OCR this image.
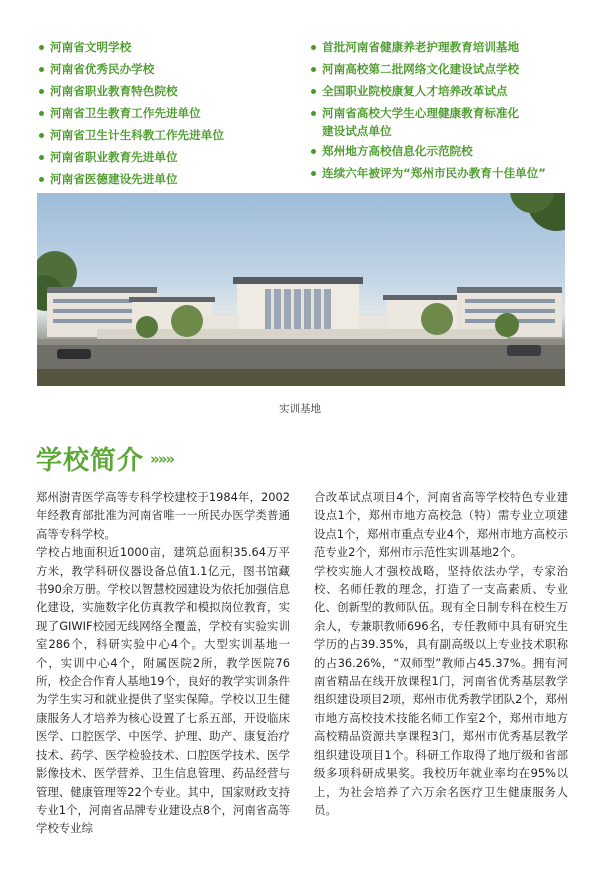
河南省文明学校
河南省优秀民办学校
河南省职业教育特色院校
河南省卫生教育工作先进单位
河南省卫生计生科教工作先进单位
河南省职业教育先进单位
河南省医德建设先进单位
首批河南省健康养老护理教育培训基地
河南高校第二批网络文化建设试点学校
全国职业院校康复人才培养改革试点
河南省高校大学生心理健康教育标准化
建设试点单位
郑州地方高校信息化示范院校
连续六年被评为“郑州市民办教育十佳单位”
实训基地
学校简介 »»»

郑州澍青医学高等专科学校建校于1984年，2002年经教育部批准为河南省唯一一所民办医学类普通高等专科学校。

学校占地面积近1000亩，建筑总面积35.64万平方米，教学科研仪器设备总值1.1亿元，图书馆藏书90余万册。学校以智慧校园建设为依托加强信息化建设，实施数字化仿真教学和模拟岗位教育，实现了GIWIF校园无线网络全覆盖，学校有实验实训室286个，科研实验中心4个。大型实训基地一个，实训中心4个，附属医院2所，教学医院76所，校企合作育人基地19个，良好的教学实训条件为学生实习和就业提供了坚实保障。学校以卫生健康服务人才培养为核心设置了七系五部，开设临床医学、口腔医学、中医学、护理、助产、康复治疗技术、药学、医学检验技术、口腔医学技术、医学影像技术、医学营养、卫生信息管理、药品经营与管理、健康管理等22个专业。其中，国家财政支持专业1个，河南省品牌专业建设点8个，河南省高等学校专业综

合改革试点项目4个，河南省高等学校特色专业建设点1个，郑州市地方高校急（特）需专业立项建设点1个，郑州市重点专业4个，郑州市地方高校示范专业2个，郑州市示范性实训基地2个。

学校实施人才强校战略，坚持依法办学，专家治校、名师任教的理念，打造了一支高素质、专业化、创新型的教师队伍。现有全日制专科在校生万余人，专兼职教师696名，专任教师中具有研究生学历的占39.35%，具有副高级以上专业技术职称的占36.26%，“双师型”教师占45.37%。拥有河南省精品在线开放课程1门，河南省优秀基层教学组织建设项目2项，郑州市优秀教学团队2个，郑州市地方高校技术技能名师工作室2个，郑州市地方高校精品资源共享课程3门，郑州市优秀基层教学组织建设项目1个。科研工作取得了地厅级和省部级多项科研成果奖。我校历年就业率均在95%以上，为社会培养了六万余名医疗卫生健康服务人员。
